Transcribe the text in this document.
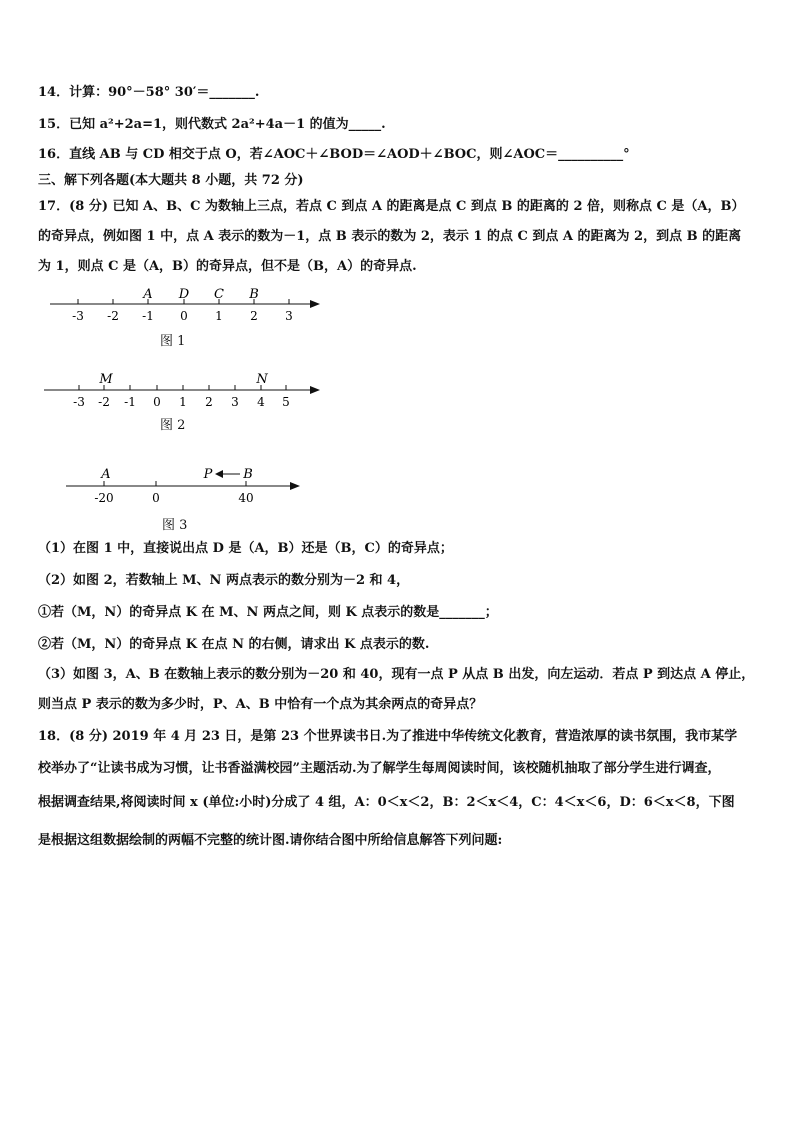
14．计算：90°－58° 30′＝_______.
15．已知 a²+2a=1，则代数式 2a²+4a－1 的值为_____.
16．直线 AB 与 CD 相交于点 O，若∠AOC＋∠BOD＝∠AOD＋∠BOC，则∠AOC＝__________°
三、解下列各题(本大题共 8 小题，共 72 分)
17．(8 分) 已知 A、B、C 为数轴上三点，若点 C 到点 A 的距离是点 C 到点 B 的距离的 2 倍，则称点 C 是（A，B）
的奇异点，例如图 1 中，点 A 表示的数为－1，点 B 表示的数为 2，表示 1 的点 C 到点 A 的距离为 2，到点 B 的距离
为 1，则点 C 是（A，B）的奇异点，但不是（B，A）的奇异点.
-3 -2 -1 0 1 2 3
A D C B
图 1
-3 -2 -1 0 1 2 3 4 5
M	N
图 2
-20	0	40
A	P B
图 3
（1）在图 1 中，直接说出点 D 是（A，B）还是（B，C）的奇异点；
（2）如图 2，若数轴上 M、N 两点表示的数分别为－2 和 4，
①若（M，N）的奇异点 K 在 M、N 两点之间，则 K 点表示的数是_______；
②若（M，N）的奇异点 K 在点 N 的右侧，请求出 K 点表示的数.
（3）如图 3，A、B 在数轴上表示的数分别为－20 和 40，现有一点 P 从点 B 出发，向左运动．若点 P 到达点 A 停止，
则当点 P 表示的数为多少时，P、A、B 中恰有一个点为其余两点的奇异点？
18．(8 分) 2019 年 4 月 23 日，是第 23 个世界读书日.为了推进中华传统文化教育，营造浓厚的读书氛围，我市某学
校举办了“让读书成为习惯，让书香溢满校园”主题活动.为了解学生每周阅读时间，该校随机抽取了部分学生进行调查，
根据调查结果,将阅读时间 x (单位:小时)分成了 4 组，A：0＜x＜2，B：2＜x＜4，C：4＜x＜6，D：6＜x＜8，下图
是根据这组数据绘制的两幅不完整的统计图.请你结合图中所给信息解答下列问题:
